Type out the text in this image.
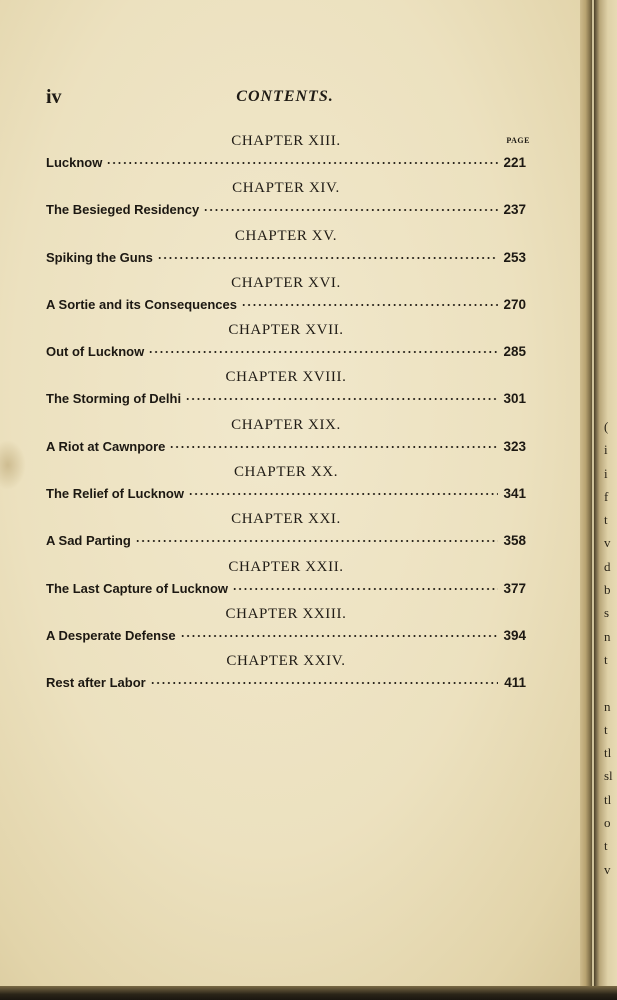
iv	CONTENTS.
PAGE
CHAPTER XIII.
Lucknow	221
CHAPTER XIV.
The Besieged Residency	237
CHAPTER XV.
Spiking the Guns	253
CHAPTER XVI.
A Sortie and its Consequences	270
CHAPTER XVII.
Out of Lucknow	285
CHAPTER XVIII.
The Storming of Delhi	301
CHAPTER XIX.
A Riot at Cawnpore	323
CHAPTER XX.
The Relief of Lucknow	341
CHAPTER XXI.
A Sad Parting	358
CHAPTER XXII.
The Last Capture of Lucknow	377
CHAPTER XXIII.
A Desperate Defense	394
CHAPTER XXIV.
Rest after Labor	411
(
i
i
f
t
v
d
b
s
n
t

n
t
tl
sl
tl
o
t
v
